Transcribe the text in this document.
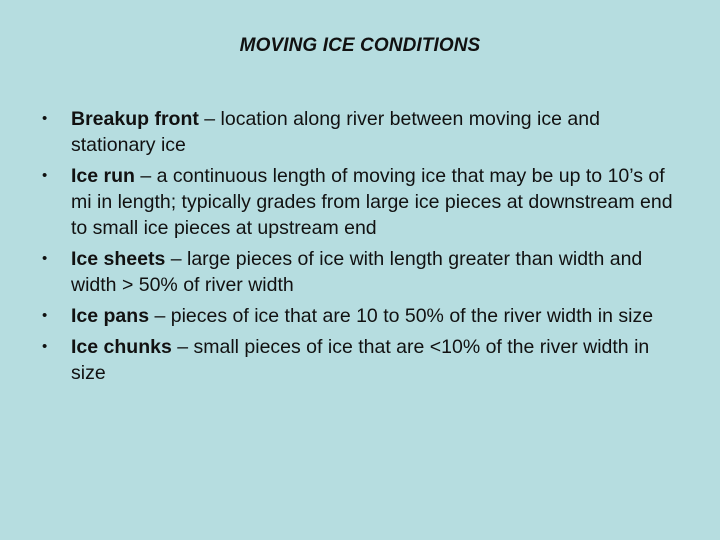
MOVING ICE CONDITIONS
• Breakup front – location along river between moving ice and stationary ice
• Ice run – a continuous length of moving ice that may be up to 10’s of mi in length; typically grades from large ice pieces at downstream end to small ice pieces at upstream end
• Ice sheets – large pieces of ice with length greater than width and width > 50% of river width
• Ice pans – pieces of ice that are 10 to 50% of the river width in size
• Ice chunks – small pieces of ice that are <10% of the river width in size
